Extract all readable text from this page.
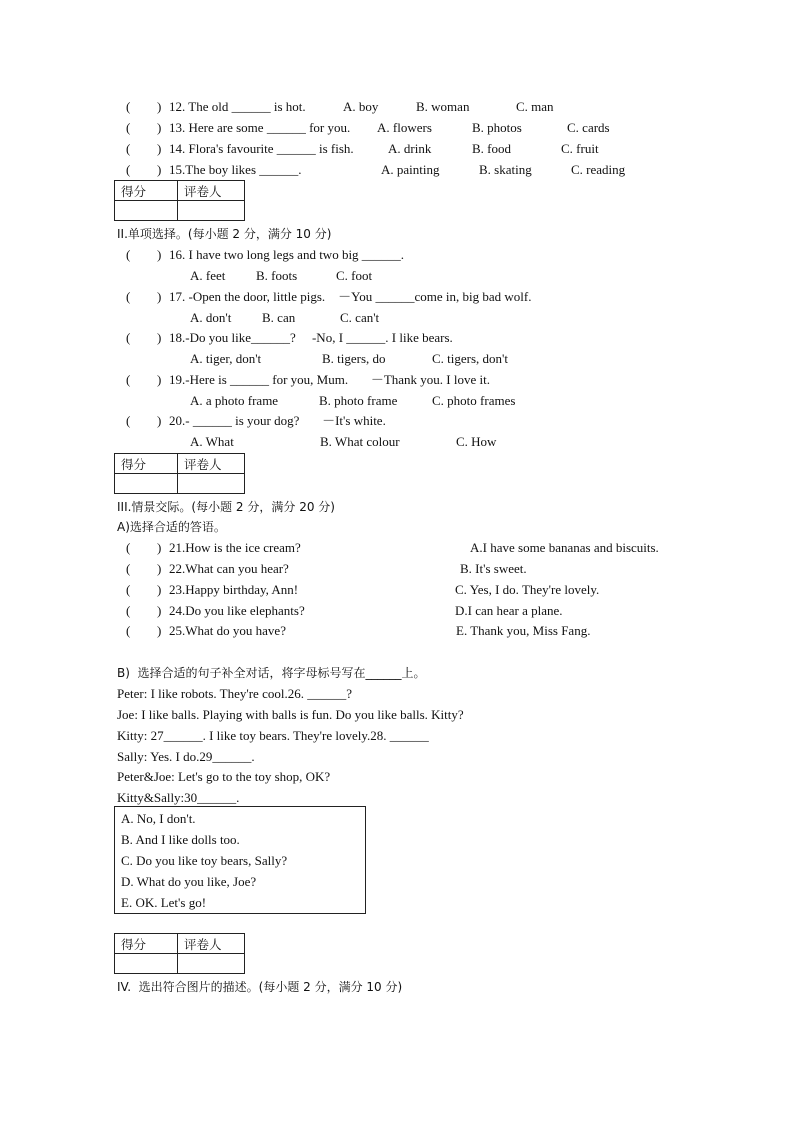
( ) 12. The old ______ is hot.	A. boy	B. woman	C. man
( ) 13. Here are some ______ for you. A. flowers	B. photos	C. cards
( ) 14. Flora's favourite ______ is fish.	A. drink	B. food	C. fruit
( ) 15.The boy likes ______.	A. painting	B. skating	C. reading
得分	评卷人

II.单项选择。(每小题 2 分，满分 10 分)
( ) 16. I have two long legs and two big ______.
A. feet B. foots	C. foot
( ) 17. -Open the door, little pigs.    －You ______come in, big bad wolf.
A. don't B. can	C. can't
( ) 18.-Do you like______?     -No, I ______. I like bears.
A. tiger, don't	B. tigers, do	C. tigers, don't
( ) 19.-Here is ______ for you, Mum.       －Thank you. I love it.
A. a photo frame	B. photo frame	C. photo frames
( ) 20.- ______ is your dog?       －It's white.
A. What	B. What colour	C. How
得分	评卷人

III.情景交际。(每小题 2 分，满分 20 分)
A)选择合适的答语。
( ) 21.How is the ice cream?	A.I have some bananas and biscuits.
( ) 22.What can you hear?	B. It's sweet.
( ) 23.Happy birthday, Ann!	C. Yes, I do. They're lovely.
( ) 24.Do you like elephants?	D.I can hear a plane.
( ) 25.What do you have?	E. Thank you, Miss Fang.
B)  选择合适的句子补全对话，将字母标号写在______上。
Peter: I like robots. They're cool.26. ______?
Joe: I like balls. Playing with balls is fun. Do you like balls. Kitty?
Kitty: 27______. I like toy bears. They're lovely.28. ______
Sally: Yes. I do.29______.
Peter&Joe: Let's go to the toy shop, OK?
Kitty&Sally:30______.
A. No, I don't.
B. And I like dolls too.
C. Do you like toy bears, Sally?
D. What do you like, Joe?
E. OK. Let's go!
得分	评卷人

IV.  选出符合图片的描述。(每小题 2 分，满分 10 分)
